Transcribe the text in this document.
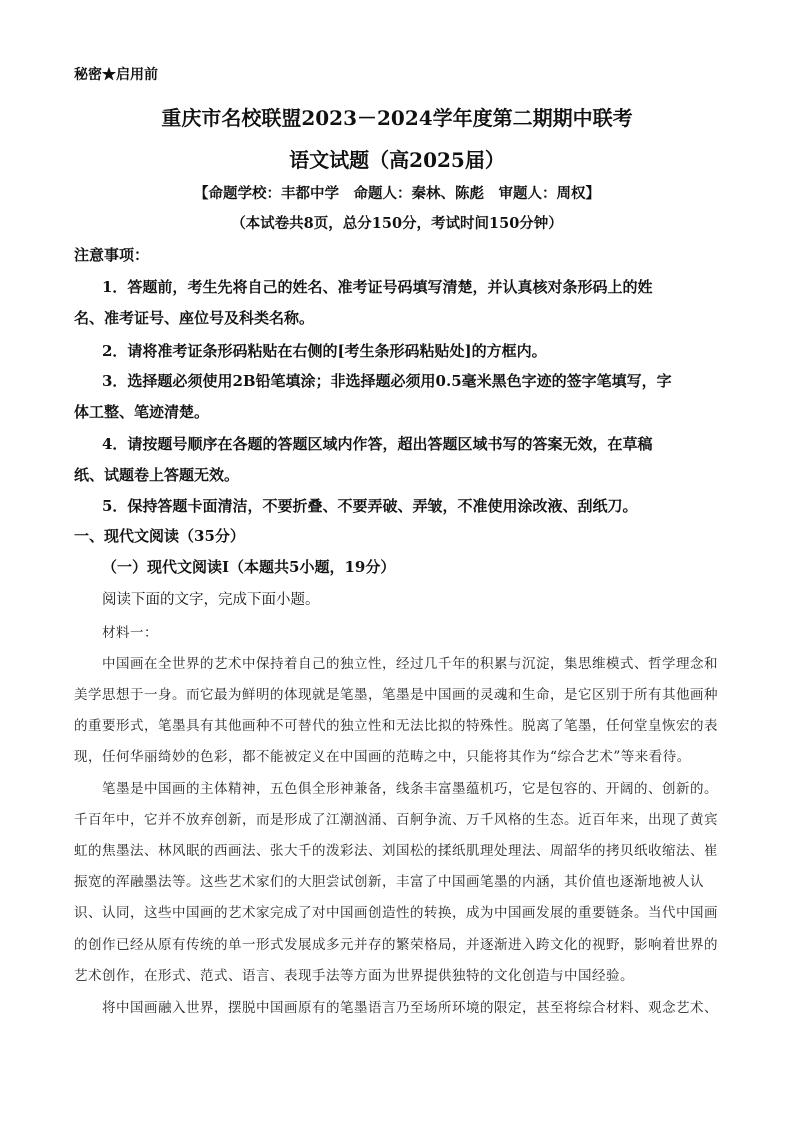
秘密★启用前
重庆市名校联盟2023－2024学年度第二期期中联考
语文试题（高2025届）
【命题学校：丰都中学　命题人：秦林、陈彪　审题人：周权】
（本试卷共8页，总分150分，考试时间150分钟）
注意事项：
1．答题前，考生先将自己的姓名、准考证号码填写清楚，并认真核对条形码上的姓
名、准考证号、座位号及科类名称。
2．请将准考证条形码粘贴在右侧的[考生条形码粘贴处]的方框内。
3．选择题必须使用2B铅笔填涂；非选择题必须用0.5毫米黑色字迹的签字笔填写，字
体工整、笔迹清楚。
4．请按题号顺序在各题的答题区域内作答，超出答题区域书写的答案无效，在草稿
纸、试题卷上答题无效。
5．保持答题卡面清洁，不要折叠、不要弄破、弄皱，不准使用涂改液、刮纸刀。
一、现代文阅读（35分）
（一）现代文阅读Ⅰ（本题共5小题，19分）
阅读下面的文字，完成下面小题。
材料一：
中国画在全世界的艺术中保持着自己的独立性，经过几千年的积累与沉淀，集思维模式、哲学理念和
美学思想于一身。而它最为鲜明的体现就是笔墨，笔墨是中国画的灵魂和生命，是它区别于所有其他画种
的重要形式，笔墨具有其他画种不可替代的独立性和无法比拟的特殊性。脱离了笔墨，任何堂皇恢宏的表
现，任何华丽绮妙的色彩，都不能被定义在中国画的范畴之中，只能将其作为“综合艺术”等来看待。
笔墨是中国画的主体精神，五色俱全形神兼备，线条丰富墨蕴机巧，它是包容的、开阔的、创新的。
千百年中，它并不放弃创新，而是形成了江潮汹涌、百舸争流、万千风格的生态。近百年来，出现了黄宾
虹的焦墨法、林风眠的西画法、张大千的泼彩法、刘国松的揉纸肌理处理法、周韶华的拷贝纸收缩法、崔
振宽的浑融墨法等。这些艺术家们的大胆尝试创新，丰富了中国画笔墨的内涵，其价值也逐渐地被人认
识、认同，这些中国画的艺术家完成了对中国画创造性的转换，成为中国画发展的重要链条。当代中国画
的创作已经从原有传统的单一形式发展成多元并存的繁荣格局，并逐渐进入跨文化的视野，影响着世界的
艺术创作，在形式、范式、语言、表现手法等方面为世界提供独特的文化创造与中国经验。
将中国画融入世界，摆脱中国画原有的笔墨语言乃至场所环境的限定，甚至将综合材料、观念艺术、
